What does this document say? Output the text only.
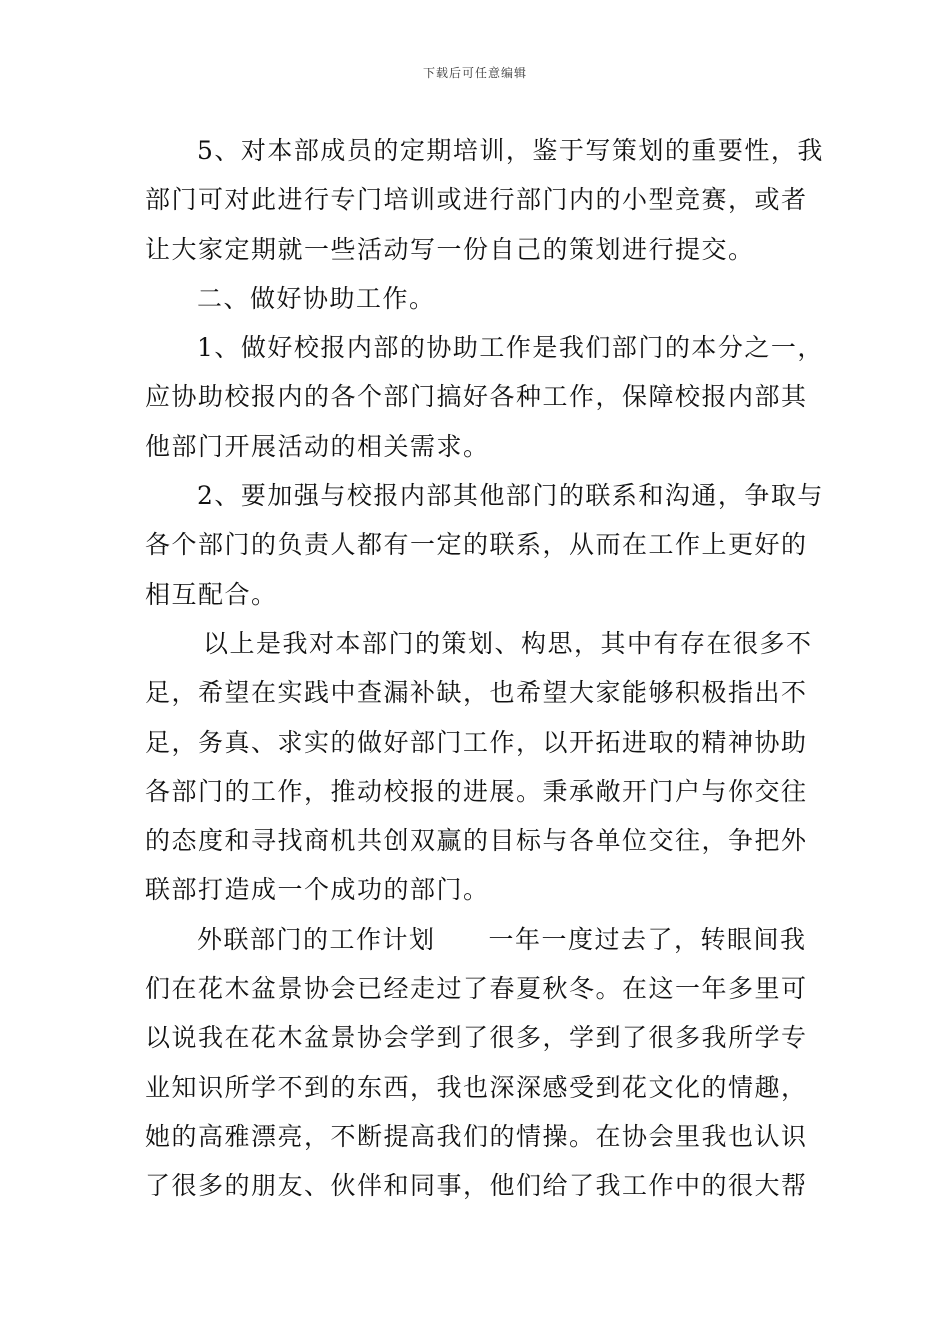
下载后可任意编辑
5、对本部成员的定期培训，鉴于写策划的重要性，我
部门可对此进行专门培训或进行部门内的小型竞赛，或者
让大家定期就一些活动写一份自己的策划进行提交。
二、做好协助工作。
1、做好校报内部的协助工作是我们部门的本分之一，
应协助校报内的各个部门搞好各种工作，保障校报内部其
他部门开展活动的相关需求。
2、要加强与校报内部其他部门的联系和沟通，争取与
各个部门的负责人都有一定的联系，从而在工作上更好的
相互配合。
以上是我对本部门的策划、构思，其中有存在很多不
足，希望在实践中查漏补缺，也希望大家能够积极指出不
足，务真、求实的做好部门工作，以开拓进取的精神协助
各部门的工作，推动校报的进展。秉承敞开门户与你交往
的态度和寻找商机共创双赢的目标与各单位交往，争把外
联部打造成一个成功的部门。
外联部门的工作计划　　一年一度过去了，转眼间我
们在花木盆景协会已经走过了春夏秋冬。在这一年多里可
以说我在花木盆景协会学到了很多，学到了很多我所学专
业知识所学不到的东西，我也深深感受到花文化的情趣，
她的高雅漂亮，不断提高我们的情操。在协会里我也认识
了很多的朋友、伙伴和同事，他们给了我工作中的很大帮
